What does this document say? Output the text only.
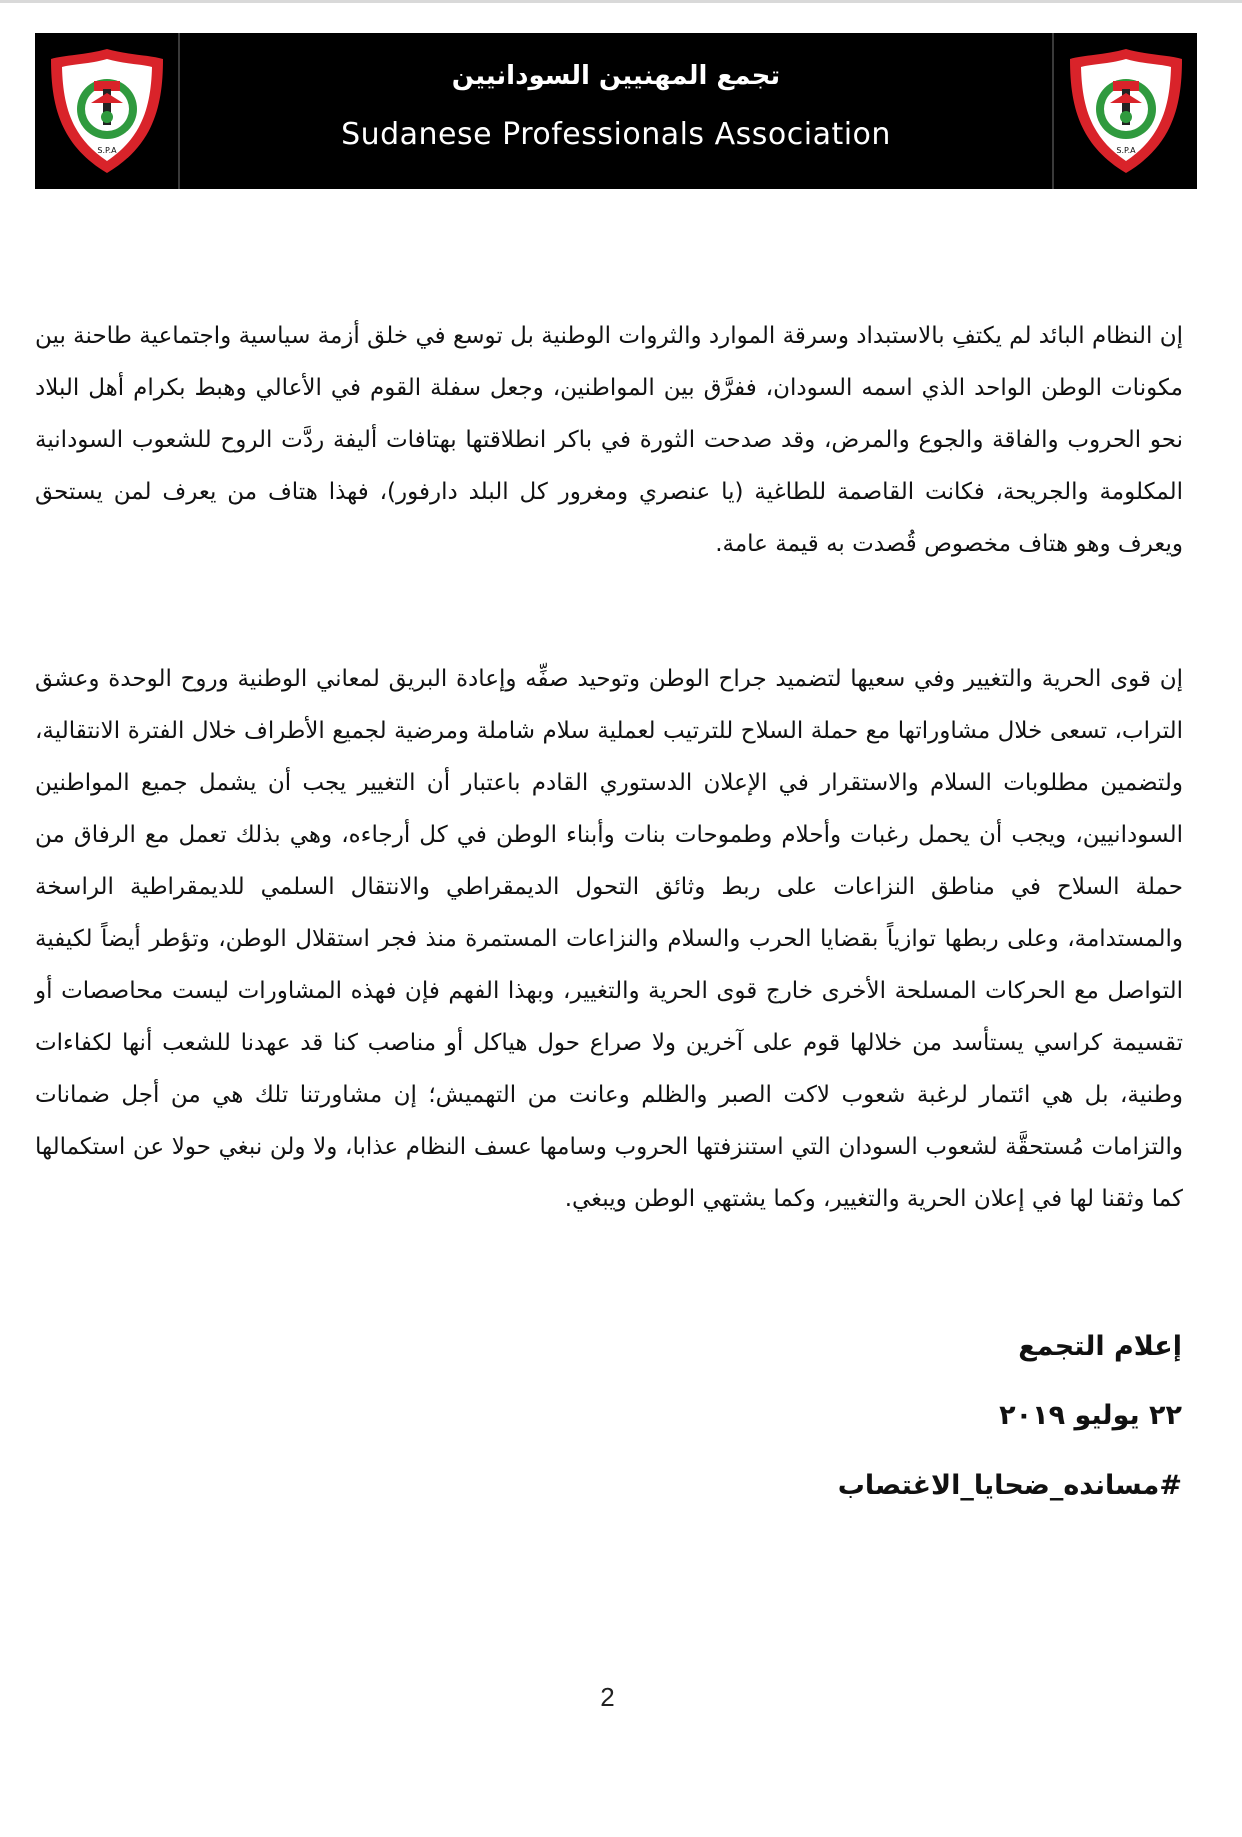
S.P.A
تجمع المهنيين السودانيين
Sudanese Professionals Association	S.P.A

إن النظام البائد لم يكتفِ بالاستبداد وسرقة الموارد والثروات الوطنية بل توسع في خلق أزمة سياسية واجتماعية طاحنة بين مكونات الوطن الواحد الذي اسمه السودان، ففرَّق بين المواطنين، وجعل سفلة القوم في الأعالي وهبط بكرام أهل البلاد نحو الحروب والفاقة والجوع والمرض، وقد صدحت الثورة في باكر انطلاقتها بهتافات أليفة ردَّت الروح للشعوب السودانية المكلومة والجريحة، فكانت القاصمة للطاغية (يا عنصري ومغرور كل البلد دارفور)، فهذا هتاف من يعرف لمن يستحق ويعرف وهو هتاف مخصوص قُصدت به قيمة عامة.

إن قوى الحرية والتغيير وفي سعيها لتضميد جراح الوطن وتوحيد صفِّه وإعادة البريق لمعاني الوطنية وروح الوحدة وعشق التراب، تسعى خلال مشاوراتها مع حملة السلاح للترتيب لعملية سلام شاملة ومرضية لجميع الأطراف خلال الفترة الانتقالية، ولتضمين مطلوبات السلام والاستقرار في الإعلان الدستوري القادم باعتبار أن التغيير يجب أن يشمل جميع المواطنين السودانيين، ويجب أن يحمل رغبات وأحلام وطموحات بنات وأبناء الوطن في كل أرجاءه، وهي بذلك تعمل مع الرفاق من حملة السلاح في مناطق النزاعات على ربط وثائق التحول الديمقراطي والانتقال السلمي للديمقراطية الراسخة والمستدامة، وعلى ربطها توازياً بقضايا الحرب والسلام والنزاعات المستمرة منذ فجر استقلال الوطن، وتؤطر أيضاً لكيفية التواصل مع الحركات المسلحة الأخرى خارج قوى الحرية والتغيير، وبهذا الفهم فإن فهذه المشاورات ليست محاصصات أو تقسيمة كراسي يستأسد من خلالها قوم على آخرين ولا صراع حول هياكل أو مناصب كنا قد عهدنا للشعب أنها لكفاءات وطنية، بل هي ائتمار لرغبة شعوب لاكت الصبر والظلم وعانت من التهميش؛ إن مشاورتنا تلك هي من أجل ضمانات والتزامات مُستحقَّة لشعوب السودان التي استنزفتها الحروب وسامها عسف النظام عذابا، ولا ولن نبغي حولا عن استكمالها كما وثقنا لها في إعلان الحرية والتغيير، وكما يشتهي الوطن ويبغي.

إعلام التجمع
٢٢ يوليو ٢٠١٩
#مسانده_ضحايا_الاغتصاب
2
